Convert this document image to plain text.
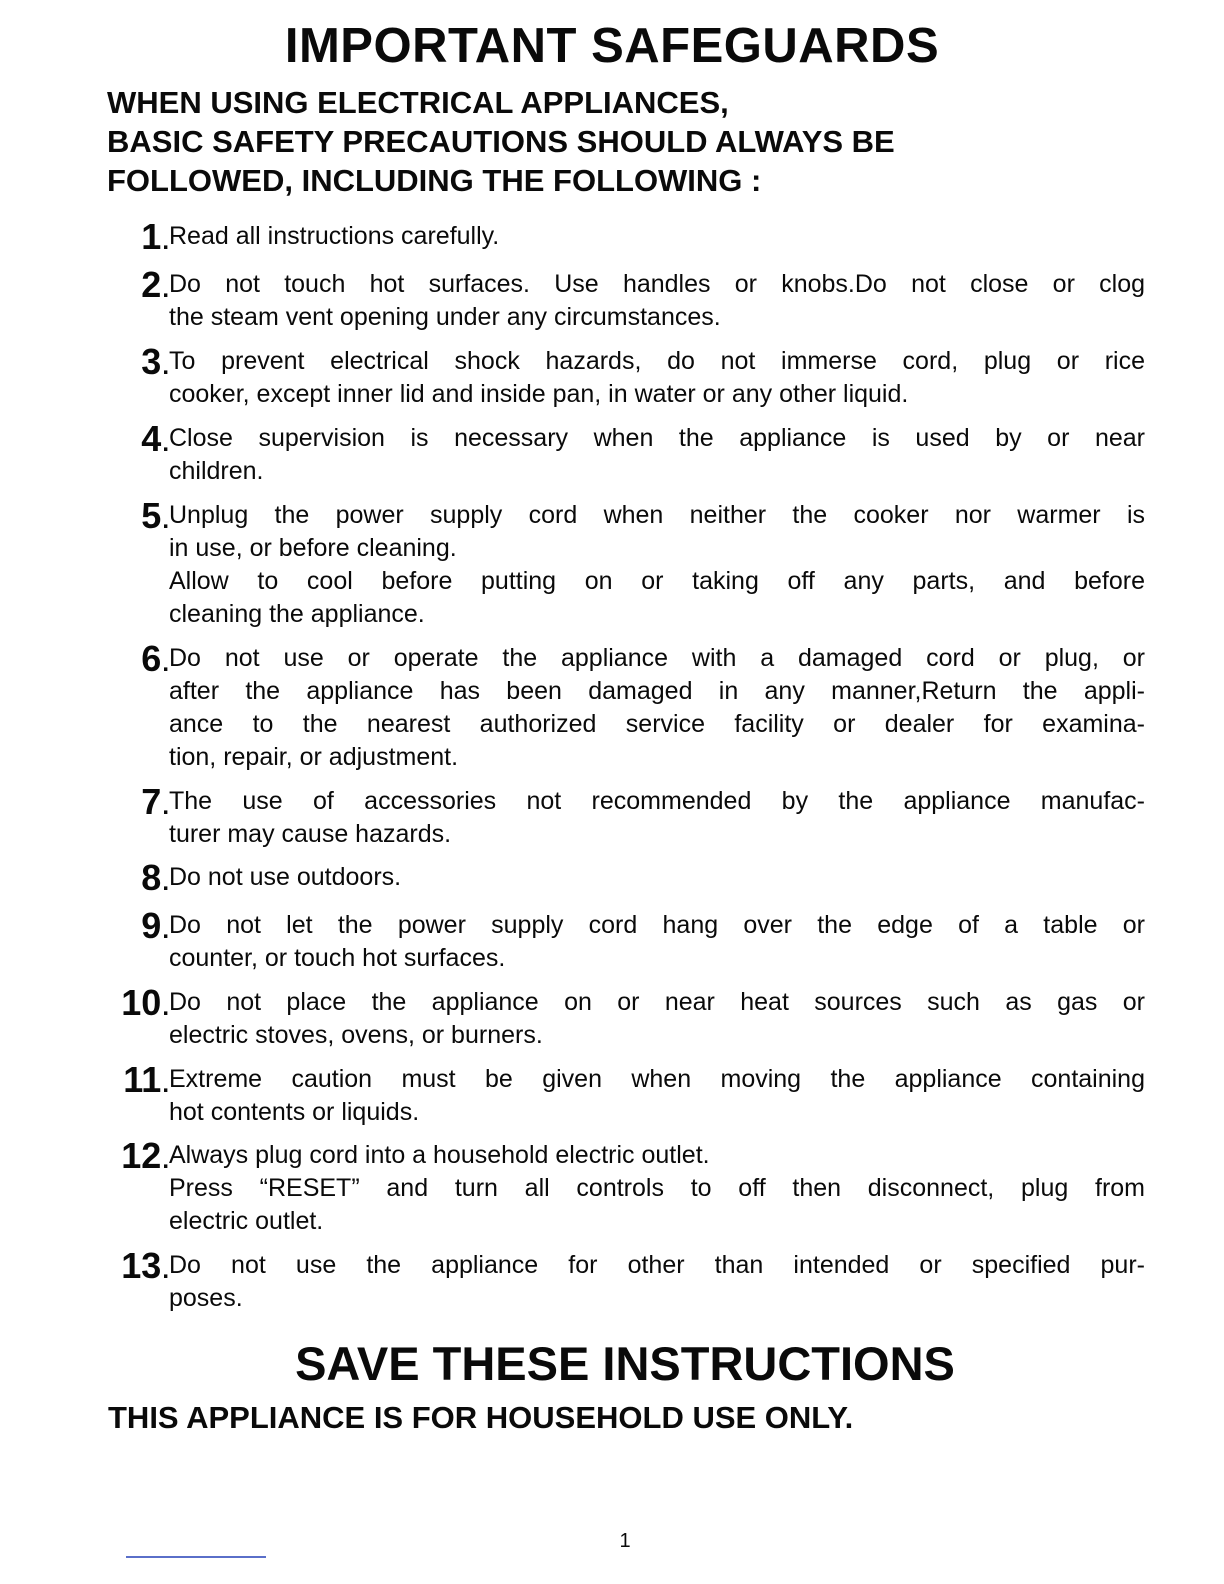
IMPORTANT SAFEGUARDS
WHEN USING ELECTRICAL APPLIANCES,
BASIC SAFETY PRECAUTIONS SHOULD ALWAYS BE
FOLLOWED, INCLUDING THE FOLLOWING :
1. Read all instructions carefully.
2. Do not touch hot surfaces. Use handles or knobs.Do not close or clog
the steam vent opening under any circumstances.
3. To prevent electrical shock hazards, do not immerse cord, plug or rice
cooker, except inner lid and inside pan, in water or any other liquid.
4. Close supervision is necessary when the appliance is used by or near
children.
5. Unplug the power supply cord when neither the cooker nor warmer is
in use, or before cleaning.
Allow to cool before putting on or taking off any parts, and before
cleaning the appliance.
6. Do not use or operate the appliance with a damaged cord or plug, or
after the appliance has been damaged in any manner,Return the appli-
ance to the nearest authorized service facility or dealer for examina-
tion, repair, or adjustment.
7. The use of accessories not recommended by the appliance manufac-
turer may cause hazards.
8. Do not use outdoors.
9. Do not let the power supply cord hang over the edge of a table or
counter, or touch hot surfaces.
10. Do not place the appliance on or near heat sources such as gas or
electric stoves, ovens, or burners.
11. Extreme caution must be given when moving the appliance containing
hot contents or liquids.
12. Always plug cord into a household electric outlet.
Press “RESET” and turn all controls to off then disconnect, plug from
electric outlet.
13. Do not use the appliance for other than intended or specified pur-
poses.
SAVE THESE INSTRUCTIONS

THIS APPLIANCE IS FOR HOUSEHOLD USE ONLY.

1
